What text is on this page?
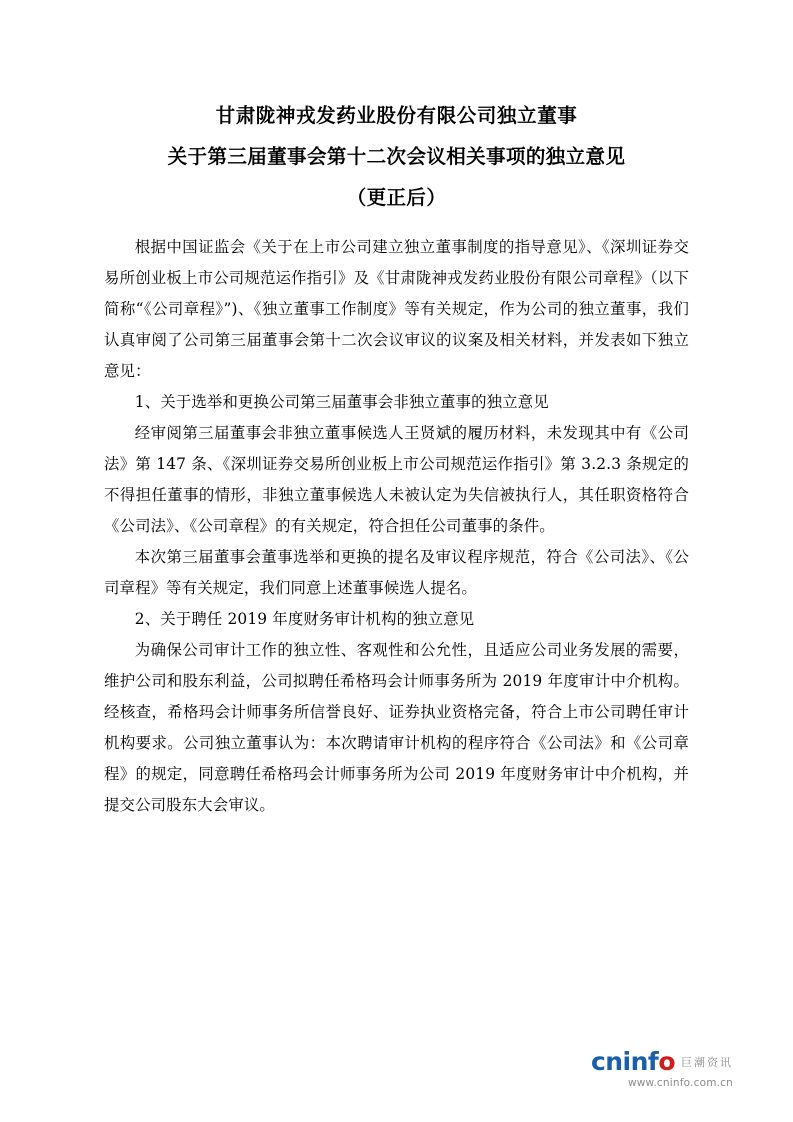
甘肃陇神戎发药业股份有限公司独立董事
关于第三届董事会第十二次会议相关事项的独立意见
（更正后）

根据中国证监会《关于在上市公司建立独立董事制度的指导意见》、《深圳证券交易所创业板上市公司规范运作指引》及《甘肃陇神戎发药业股份有限公司章程》（以下简称“《公司章程》”)、《独立董事工作制度》等有关规定，作为公司的独立董事，我们认真审阅了公司第三届董事会第十二次会议审议的议案及相关材料，并发表如下独立意见：

1、关于选举和更换公司第三届董事会非独立董事的独立意见

经审阅第三届董事会非独立董事候选人王贤斌的履历材料，未发现其中有《公司法》第 147 条、《深圳证券交易所创业板上市公司规范运作指引》第 3.2.3 条规定的不得担任董事的情形，非独立董事候选人未被认定为失信被执行人，其任职资格符合《公司法》、《公司章程》的有关规定，符合担任公司董事的条件。

本次第三届董事会董事选举和更换的提名及审议程序规范，符合《公司法》、《公司章程》等有关规定，我们同意上述董事候选人提名。

2、关于聘任 2019 年度财务审计机构的独立意见

为确保公司审计工作的独立性、客观性和公允性，且适应公司业务发展的需要，维护公司和股东利益，公司拟聘任希格玛会计师事务所为 2019 年度审计中介机构。经核查，希格玛会计师事务所信誉良好、证券执业资格完备，符合上市公司聘任审计机构要求。公司独立董事认为：本次聘请审计机构的程序符合《公司法》和《公司章程》的规定，同意聘任希格玛会计师事务所为公司 2019 年度财务审计中介机构，并提交公司股东大会审议。

cninfo 巨潮资讯
www.cninfo.com.cn
